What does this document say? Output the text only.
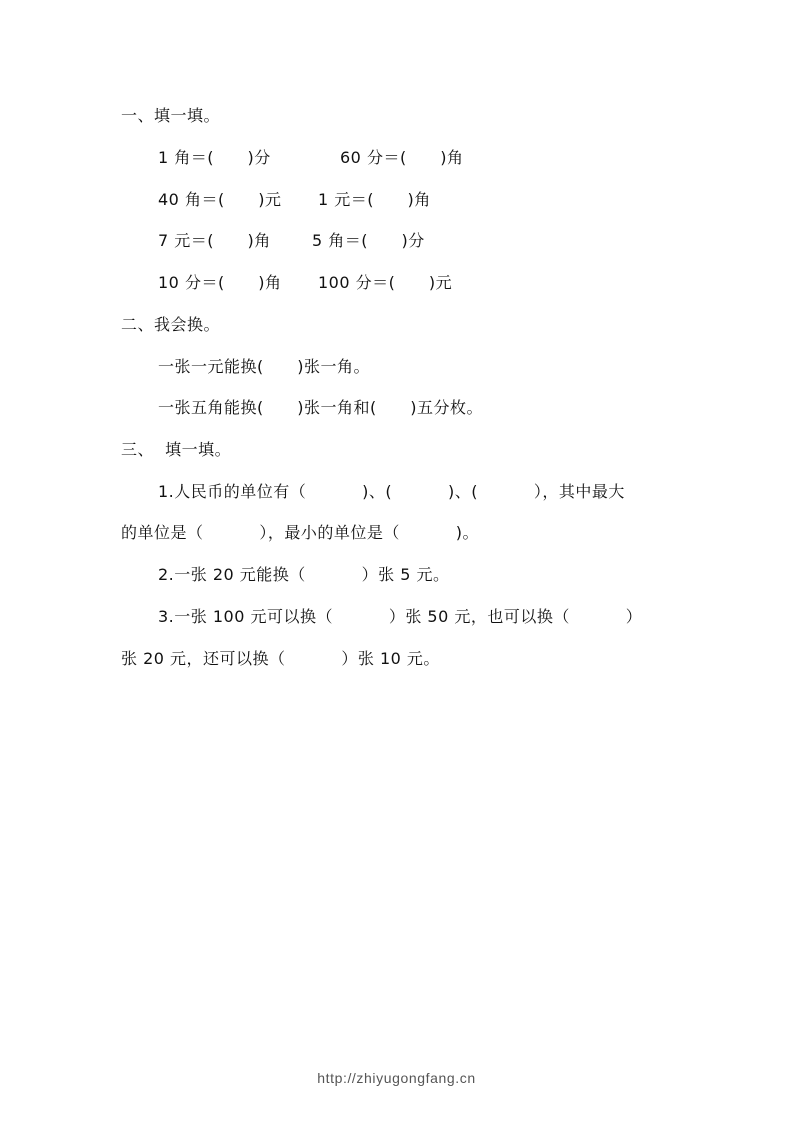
一、填一填。
1 角＝(      )分	60 分＝(      )角
40 角＝(      )元 1 元＝(      )角
7 元＝(      )角	5 角＝(      )分
10 分＝(      )角 100 分＝(      )元
二、我会换。
一张一元能换(      )张一角。
一张五角能换(      )张一角和(      )五分枚。
三、  填一填。
1.人民币的单位有（          )、(          )、(          ），其中最大
的单位是（          ），最小的单位是（          )。
2.一张 20 元能换（          ）张 5 元。
3.一张 100 元可以换（          ）张 50 元，也可以换（          ）
张 20 元，还可以换（          ）张 10 元。
http://zhiyugongfang.cn
